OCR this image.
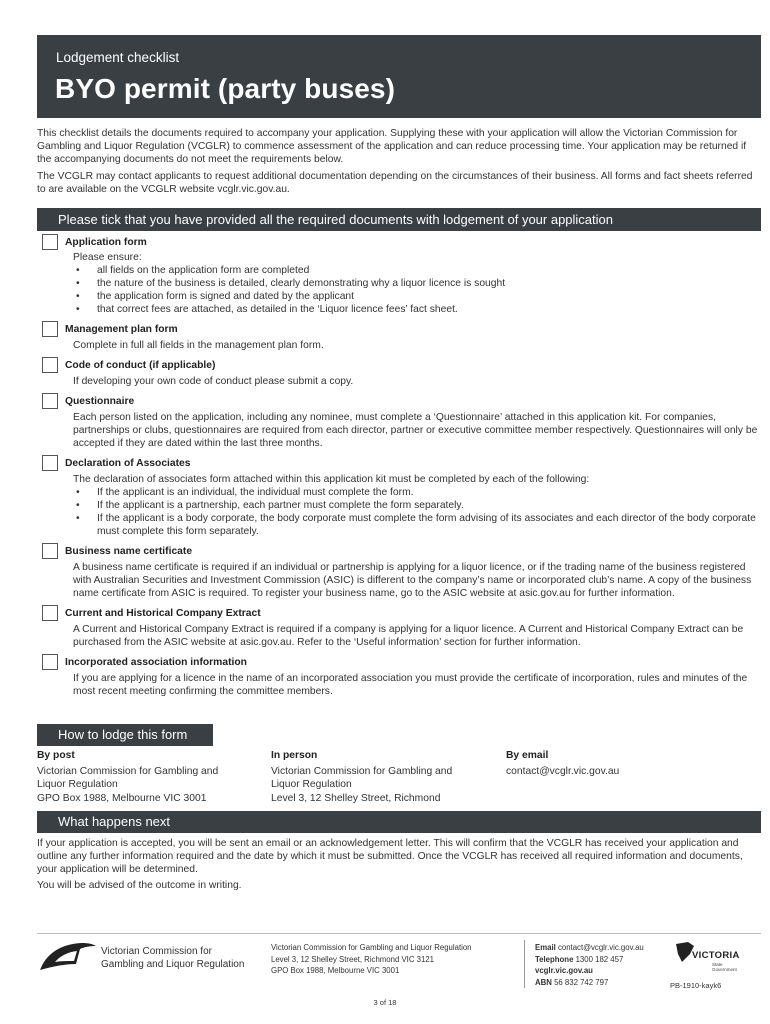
Lodgement checklist
BYO permit (party buses)

This checklist details the documents required to accompany your application. Supplying these with your application will allow the Victorian Commission for Gambling and Liquor Regulation (VCGLR) to commence assessment of the application and can reduce processing time. Your application may be returned if the accompanying documents do not meet the requirements below.

The VCGLR may contact applicants to request additional documentation depending on the circumstances of their business. All forms and fact sheets referred to are available on the VCGLR website vcglr.vic.gov.au.

Please tick that you have provided all the required documents with lodgement of your application
Application form
Please ensure:
• all fields on the application form are completed
• the nature of the business is detailed, clearly demonstrating why a liquor licence is sought
• the application form is signed and dated by the applicant
• that correct fees are attached, as detailed in the ‘Liquor licence fees’ fact sheet.
Management plan form
Complete in full all fields in the management plan form.
Code of conduct (if applicable)
If developing your own code of conduct please submit a copy.
Questionnaire
Each person listed on the application, including any nominee, must complete a ‘Questionnaire’ attached in this application kit. For companies, partnerships or clubs, questionnaires are required from each director, partner or executive committee member respectively. Questionnaires will only be accepted if they are dated within the last three months.
Declaration of Associates
The declaration of associates form attached within this application kit must be completed by each of the following:
• If the applicant is an individual, the individual must complete the form.
• If the applicant is a partnership, each partner must complete the form separately.
• If the applicant is a body corporate, the body corporate must complete the form advising of its associates and each director of the body corporate must complete this form separately.
Business name certificate
A business name certificate is required if an individual or partnership is applying for a liquor licence, or if the trading name of the business registered with Australian Securities and Investment Commission (ASIC) is different to the company’s name or incorporated club’s name. A copy of the business name certificate from ASIC is required. To register your business name, go to the ASIC website at asic.gov.au for further information.
Current and Historical Company Extract
A Current and Historical Company Extract is required if a company is applying for a liquor licence. A Current and Historical Company Extract can be purchased from the ASIC website at asic.gov.au. Refer to the ‘Useful information’ section for further information.
Incorporated association information
If you are applying for a licence in the name of an incorporated association you must provide the certificate of incorporation, rules and minutes of the most recent meeting confirming the committee members.
How to lodge this form
By post
Victorian Commission for Gambling and
Liquor Regulation
GPO Box 1988, Melbourne VIC 3001
In person
Victorian Commission for Gambling and
Liquor Regulation
Level 3, 12 Shelley Street, Richmond
By email
contact@vcglr.vic.gov.au
What happens next

If your application is accepted, you will be sent an email or an acknowledgement letter. This will confirm that the VCGLR has received your application and outline any further information required and the date by which it must be submitted. Once the VCGLR has received all required information and documents, your application will be determined.

You will be advised of the outcome in writing.

Victorian Commission for
Gambling and Liquor Regulation
Victorian Commission for Gambling and Liquor Regulation
Level 3, 12 Shelley Street, Richmond VIC 3121
GPO Box 1988, Melbourne VIC 3001
Email contact@vcglr.vic.gov.au
Telephone 1300 182 457
vcglr.vic.gov.au
ABN 56 832 742 797
VICTORIA
State
Government
PB-1910-kayk6
3 of 18
